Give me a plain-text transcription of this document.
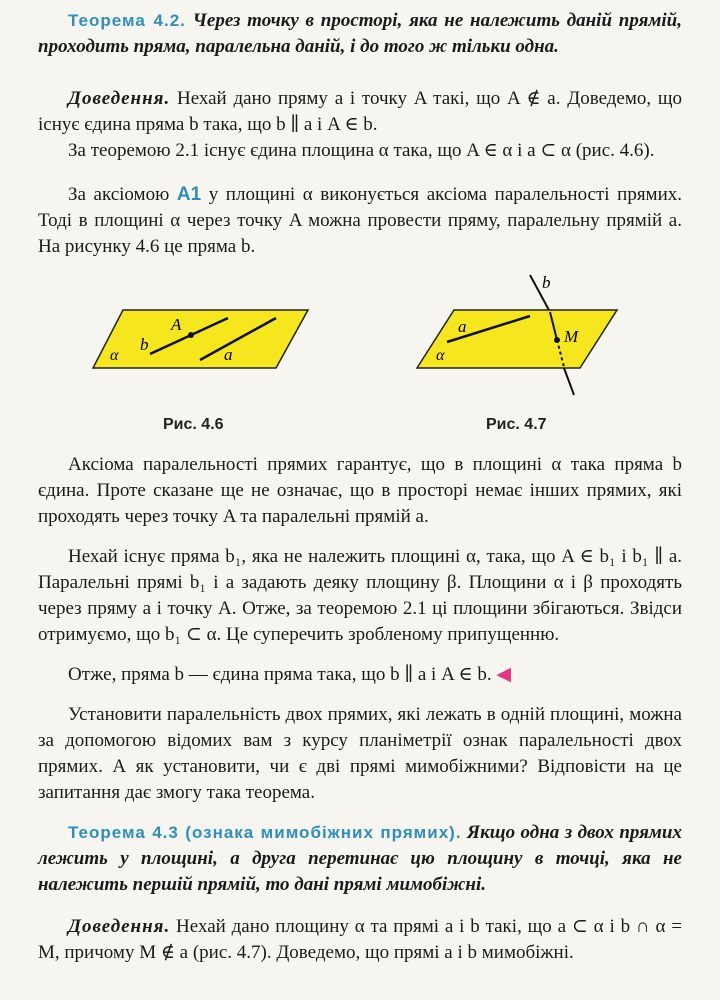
Теорема 4.2. Через точку в просторі, яка не належить даній прямій, проходить пряма, паралельна даній, і до того ж тільки одна.

Доведення. Нехай дано пряму a і точку A такі, що A ∉ a. Доведемо, що існує єдина пряма b така, що b ∥ a і A ∈ b.

За теоремою 2.1 існує єдина площина α така, що A ∈ α і a ⊂ α (рис. 4.6).

За аксіомою A1 у площині α виконується аксіома паралельності прямих. Тоді в площині α через точку A можна провести пряму, паралельну прямій a. На рисунку 4.6 це пряма b.

α
b
A
a
Рис. 4.6
α
a
M
b
Рис. 4.7

Аксіома паралельності прямих гарантує, що в площині α така пряма b єдина. Проте сказане ще не означає, що в просторі немає інших прямих, які проходять через точку A та паралельні прямій a.

Нехай існує пряма b₁, яка не належить площині α, така, що A ∈ b₁ і b₁ ∥ a. Паралельні прямі b₁ і a задають деяку площину β. Площини α і β проходять через пряму a і точку A. Отже, за теоремою 2.1 ці площини збігаються. Звідси отримуємо, що b₁ ⊂ α. Це суперечить зробленому припущенню.

Отже, пряма b — єдина пряма така, що b ∥ a і A ∈ b. ◀

Установити паралельність двох прямих, які лежать в одній площині, можна за допомогою відомих вам з курсу планіметрії ознак паралельності двох прямих. А як установити, чи є дві прямі мимобіжними? Відповісти на це запитання дає змогу така теорема.

Теорема 4.3 (ознака мимобіжних прямих). Якщо одна з двох прямих лежить у площині, а друга перетинає цю площину в точці, яка не належить першій прямій, то дані прямі мимобіжні.

Доведення. Нехай дано площину α та прямі a і b такі, що a ⊂ α і b ∩ α = M, причому M ∉ a (рис. 4.7). Доведемо, що прямі a і b мимобіжні.
